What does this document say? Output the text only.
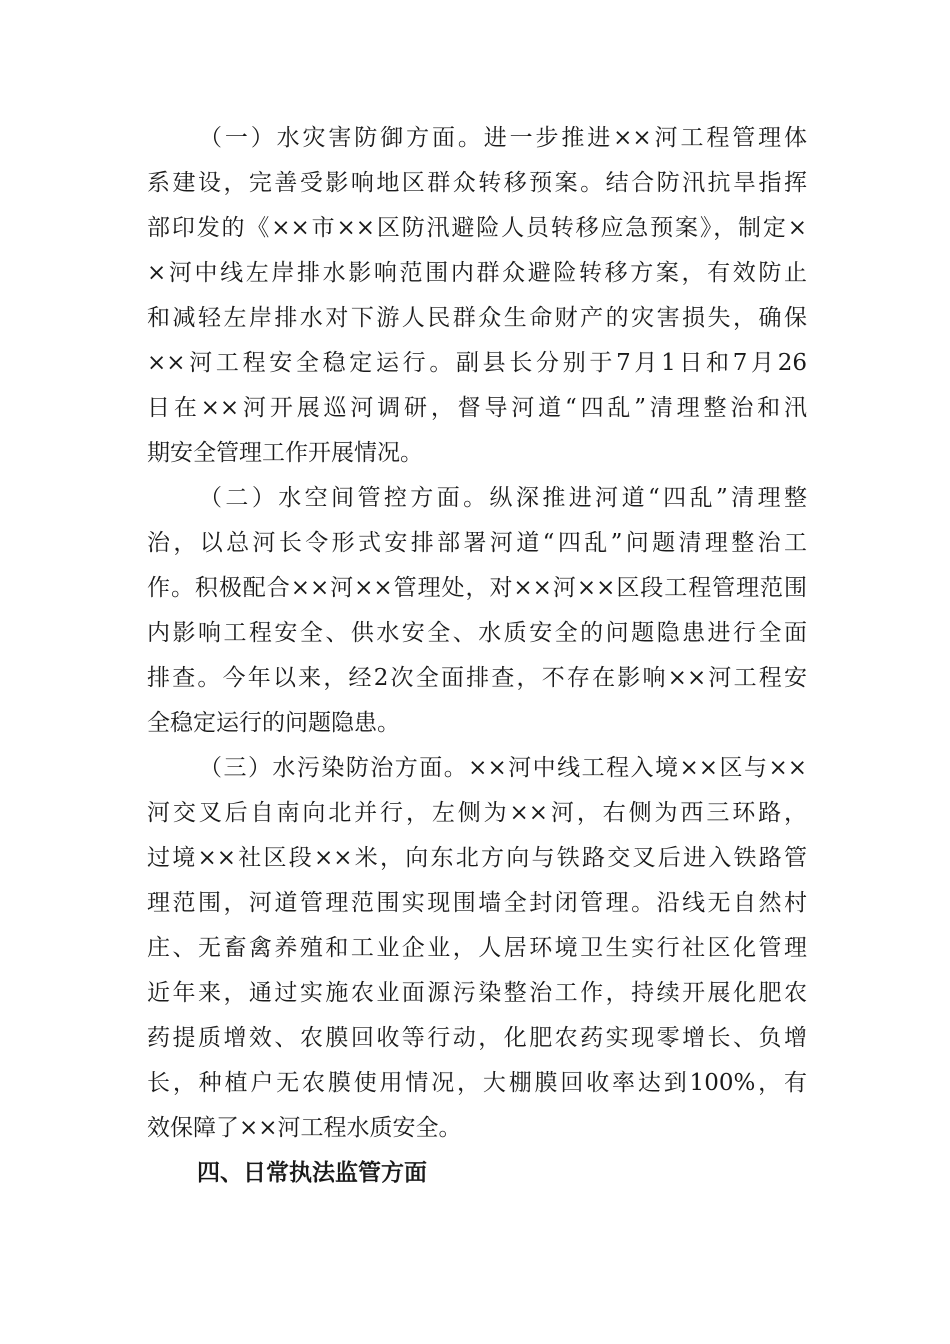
（一）水灾害防御方面。进一步推进××河工程管理体
系建设，完善受影响地区群众转移预案。结合防汛抗旱指挥
部印发的《××市××区防汛避险人员转移应急预案》，制定×
×河中线左岸排水影响范围内群众避险转移方案，有效防止
和减轻左岸排水对下游人民群众生命财产的灾害损失，确保
××河工程安全稳定运行。副县长分别于7月1日和7月26
日在××河开展巡河调研，督导河道“四乱”清理整治和汛
期安全管理工作开展情况。
（二）水空间管控方面。纵深推进河道“四乱”清理整
治，以总河长令形式安排部署河道“四乱”问题清理整治工
作。积极配合××河××管理处，对××河××区段工程管理范围
内影响工程安全、供水安全、水质安全的问题隐患进行全面
排查。今年以来，经2次全面排查，不存在影响××河工程安
全稳定运行的问题隐患。
（三）水污染防治方面。××河中线工程入境××区与××
河交叉后自南向北并行，左侧为××河，右侧为西三环路，
过境××社区段××米，向东北方向与铁路交叉后进入铁路管
理范围，河道管理范围实现围墙全封闭管理。沿线无自然村
庄、无畜禽养殖和工业企业，人居环境卫生实行社区化管理
近年来，通过实施农业面源污染整治工作，持续开展化肥农
药提质增效、农膜回收等行动，化肥农药实现零增长、负增
长，种植户无农膜使用情况，大棚膜回收率达到100%，有
效保障了××河工程水质安全。
四、日常执法监管方面
